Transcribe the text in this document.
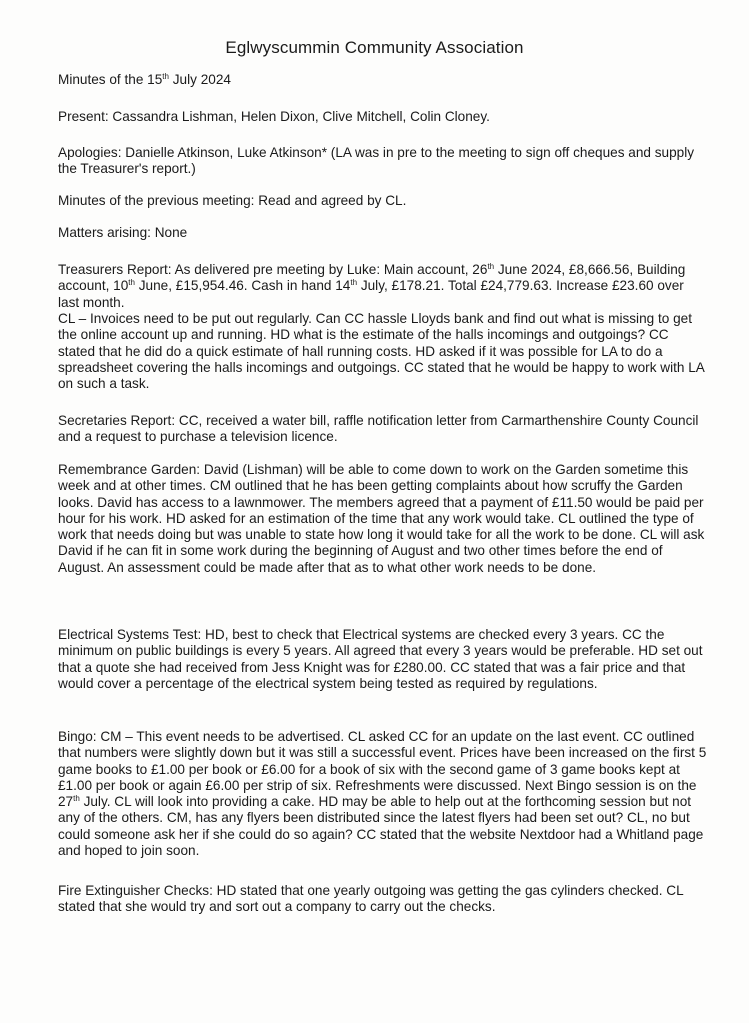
Eglwyscummin Community Association

Minutes of the 15th July 2024

Present: Cassandra Lishman, Helen Dixon, Clive Mitchell, Colin Cloney.

Apologies: Danielle Atkinson, Luke Atkinson* (LA was in pre to the meeting to sign off cheques and supply the Treasurer's report.)

Minutes of the previous meeting: Read and agreed by CL.

Matters arising: None

Treasurers Report: As delivered pre meeting by Luke: Main account, 26th June 2024, £8,666.56, Building account, 10th June, £15,954.46. Cash in hand 14th July, £178.21. Total £24,779.63. Increase £23.60 over last month.

CL – Invoices need to be put out regularly. Can CC hassle Lloyds bank and find out what is missing to get the online account up and running. HD what is the estimate of the halls incomings and outgoings? CC stated that he did do a quick estimate of hall running costs. HD asked if it was possible for LA to do a spreadsheet covering the halls incomings and outgoings. CC stated that he would be happy to work with LA on such a task.

Secretaries Report: CC, received a water bill, raffle notification letter from Carmarthenshire County Council and a request to purchase a television licence.

Remembrance Garden: David (Lishman) will be able to come down to work on the Garden sometime this week and at other times. CM outlined that he has been getting complaints about how scruffy the Garden looks. David has access to a lawnmower. The members agreed that a payment of £11.50 would be paid per hour for his work. HD asked for an estimation of the time that any work would take. CL outlined the type of work that needs doing but was unable to state how long it would take for all the work to be done. CL will ask David if he can fit in some work during the beginning of August and two other times before the end of August. An assessment could be made after that as to what other work needs to be done.

Electrical Systems Test: HD, best to check that Electrical systems are checked every 3 years. CC the minimum on public buildings is every 5 years. All agreed that every 3 years would be preferable. HD set out that a quote she had received from Jess Knight was for £280.00. CC stated that was a fair price and that would cover a percentage of the electrical system being tested as required by regulations.

Bingo: CM – This event needs to be advertised. CL asked CC for an update on the last event. CC outlined that numbers were slightly down but it was still a successful event. Prices have been increased on the first 5 game books to £1.00 per book or £6.00 for a book of six with the second game of 3 game books kept at £1.00 per book or again £6.00 per strip of six. Refreshments were discussed. Next Bingo session is on the 27th July. CL will look into providing a cake. HD may be able to help out at the forthcoming session but not any of the others. CM, has any flyers been distributed since the latest flyers had been set out? CL, no but could someone ask her if she could do so again? CC stated that the website Nextdoor had a Whitland page and hoped to join soon.

Fire Extinguisher Checks: HD stated that one yearly outgoing was getting the gas cylinders checked. CL stated that she would try and sort out a company to carry out the checks.
